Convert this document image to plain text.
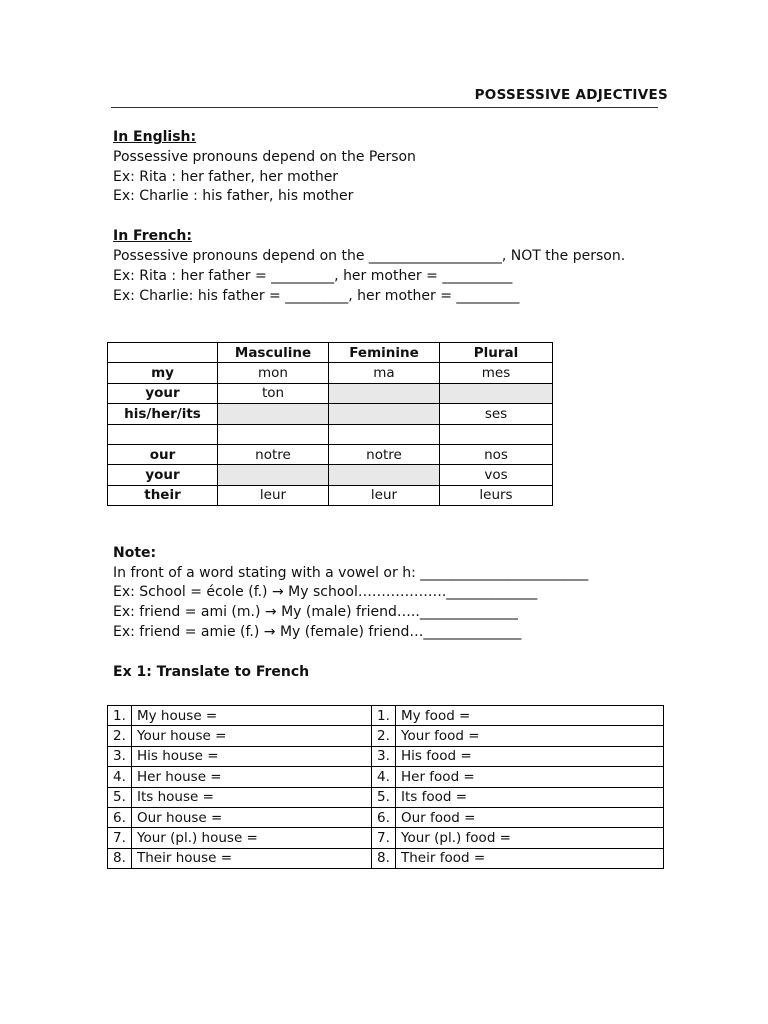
POSSESSIVE ADJECTIVES
In English:
Possessive pronouns depend on the Person
Ex: Rita : her father, her mother
Ex: Charlie : his father, his mother
In French:
Possessive pronouns depend on the ___________________, NOT the person.
Ex: Rita : her father = _________, her mother = __________
Ex: Charlie: his father = _________, her mother = _________
	Masculine	Feminine	Plural
my	mon	ma	mes
your	ton		
his/her/its			ses

our	notre	notre	nos
your			vos
their	leur	leur	leurs
Note:
In front of a word stating with a vowel or h: ________________________
Ex: School = école (f.) → My school………………._____________
Ex: friend = ami (m.) → My (male) friend…..______________
Ex: friend = amie (f.) → My (female) friend…______________
Ex 1: Translate to French
1.	My house =	1.	My food =
2.	Your house =	2.	Your food =
3.	His house =	3.	His food =
4.	Her house =	4.	Her food =
5.	Its house =	5.	Its food =
6.	Our house =	6.	Our food =
7.	Your (pl.) house =	7.	Your (pl.) food =
8.	Their house =	8.	Their food =
